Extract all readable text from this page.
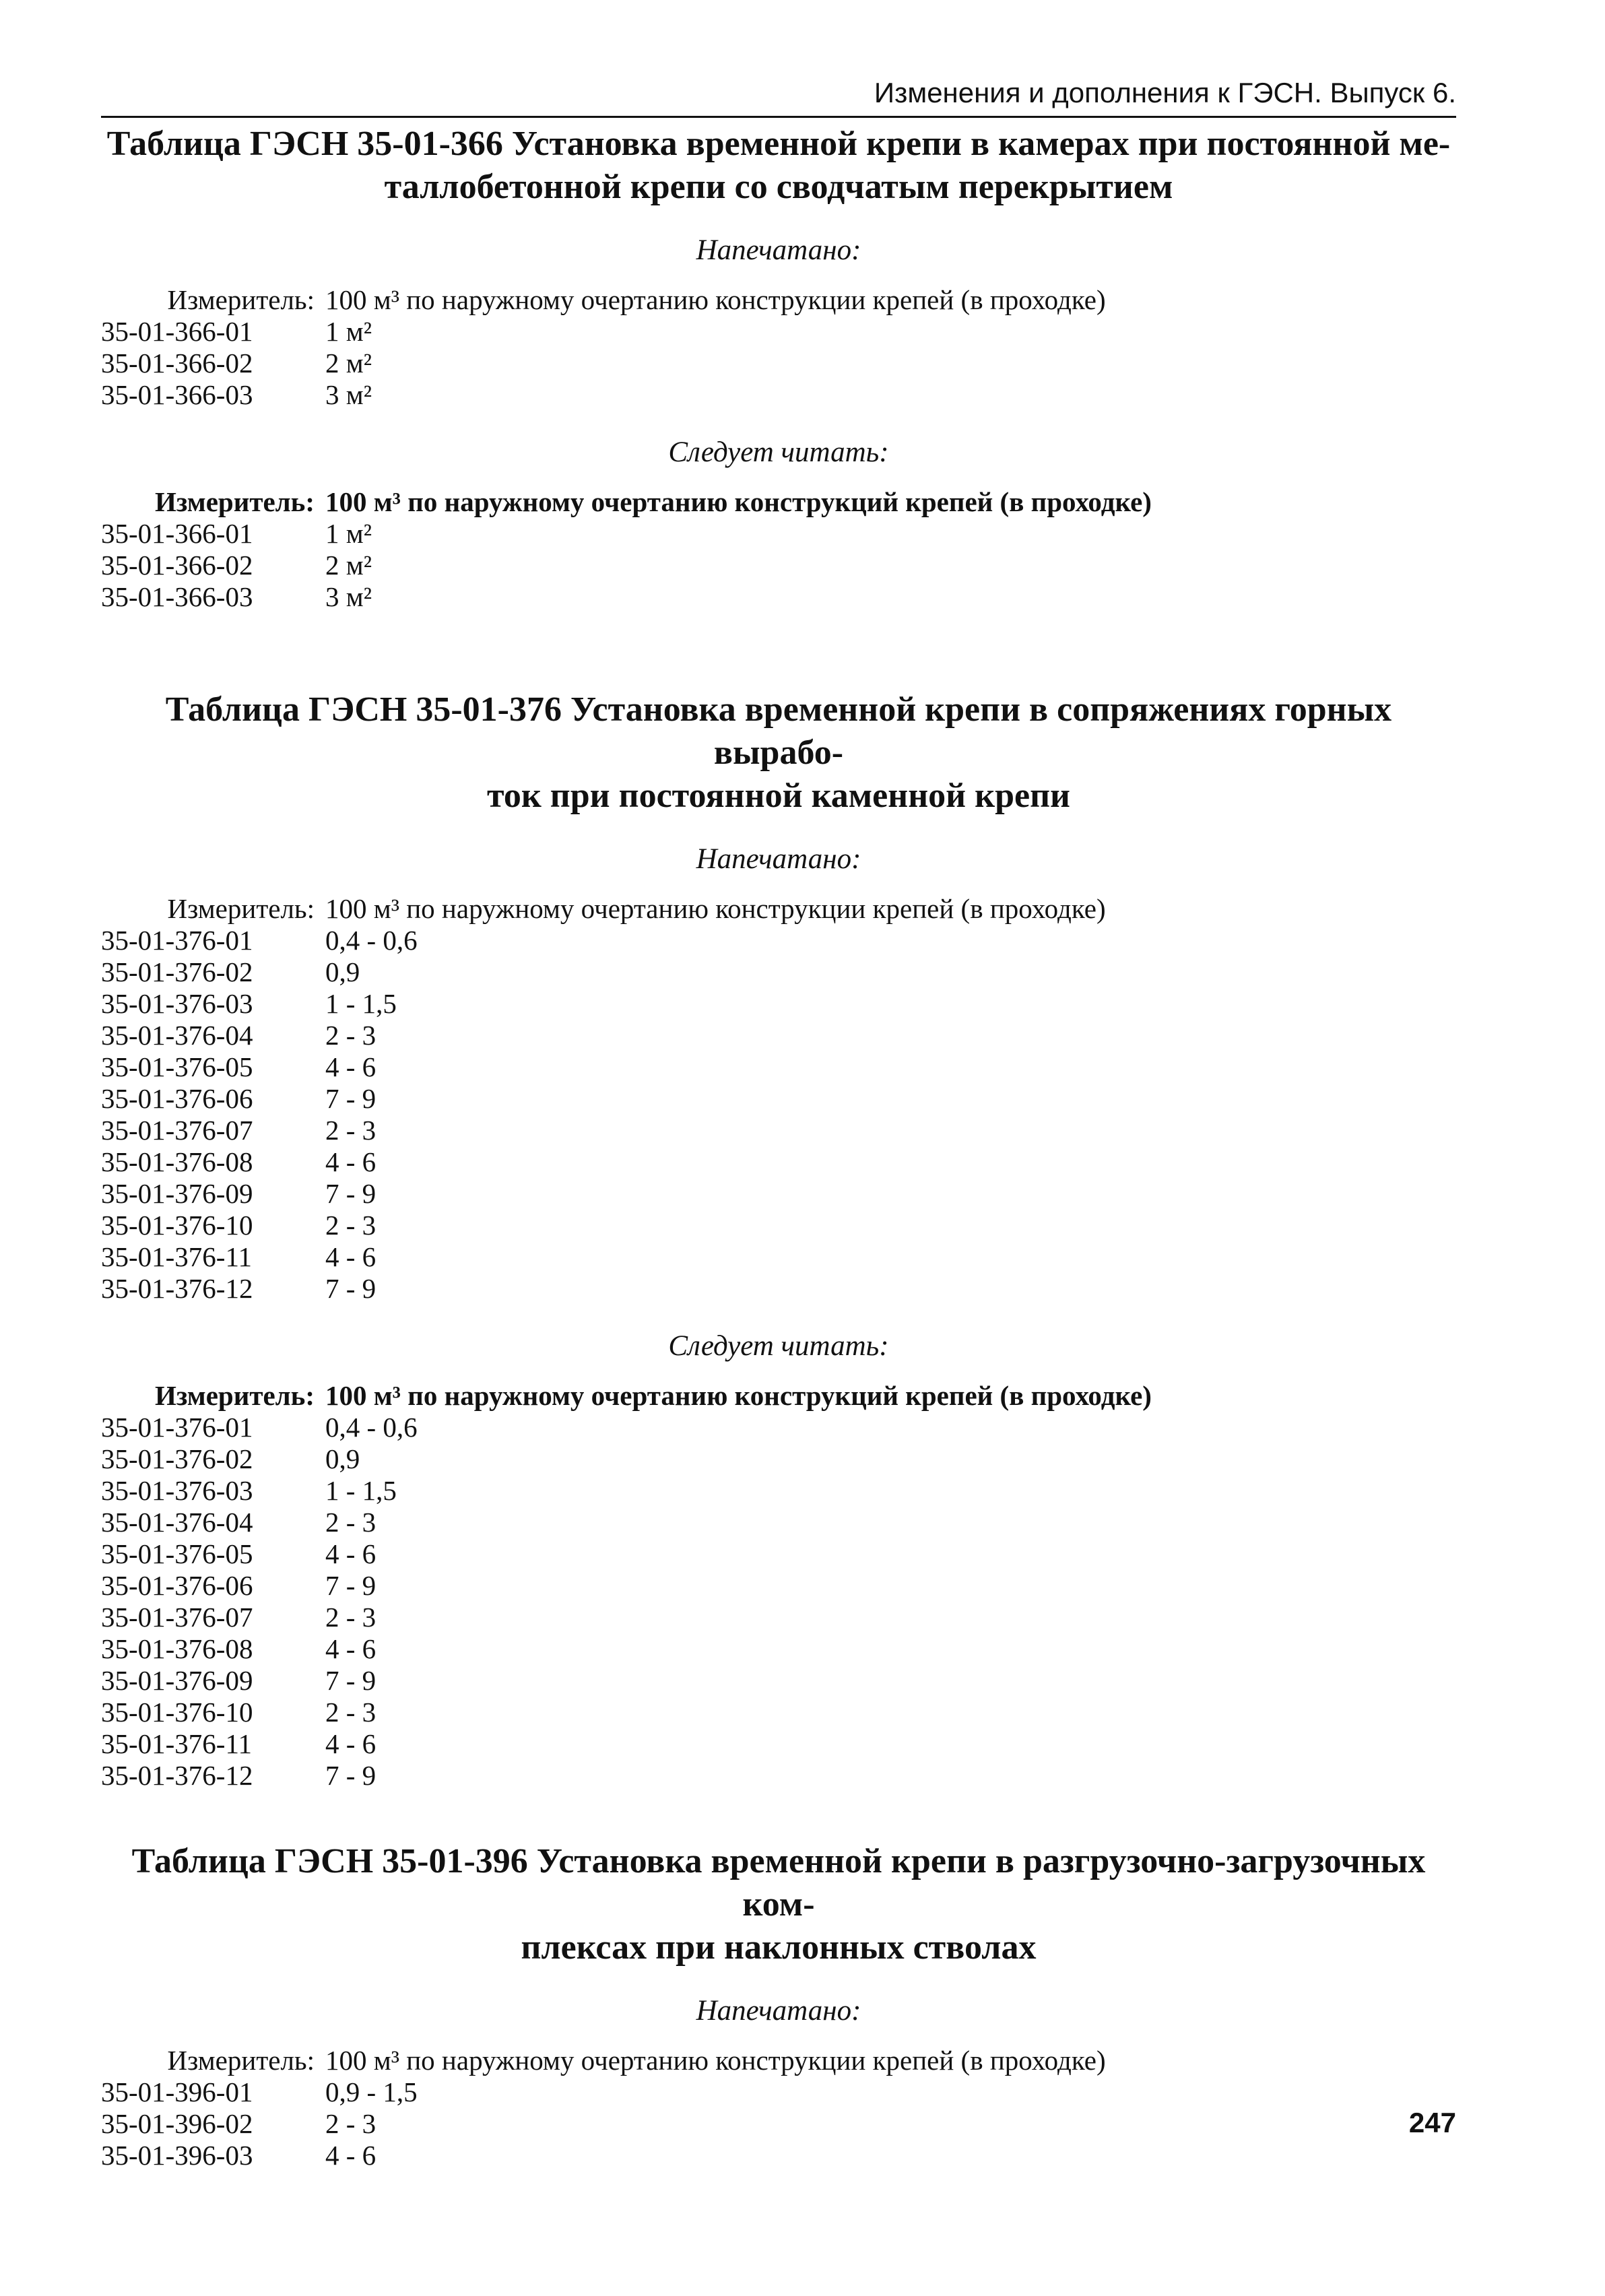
Изменения и дополнения к ГЭСН. Выпуск 6.
Таблица ГЭСН 35-01-366 Установка временной крепи в камерах при постоянной ме-
таллобетонной крепи со сводчатым перекрытием
Напечатано:
Измеритель: 100 м³ по наружному очертанию конструкции крепей (в проходке)
35-01-366-01	1 м²
35-01-366-02	2 м²
35-01-366-03	3 м²
Следует читать:
Измеритель: 100 м³ по наружному очертанию конструкций крепей (в проходке)
35-01-366-01	1 м²
35-01-366-02	2 м²
35-01-366-03	3 м²
Таблица ГЭСН 35-01-376 Установка временной крепи в сопряжениях горных вырабо-
ток при постоянной каменной крепи
Напечатано:
Измеритель: 100 м³ по наружному очертанию конструкции крепей (в проходке)
35-01-376-01	0,4 - 0,6
35-01-376-02	0,9
35-01-376-03	1 - 1,5
35-01-376-04	2 - 3
35-01-376-05	4 - 6
35-01-376-06	7 - 9
35-01-376-07	2 - 3
35-01-376-08	4 - 6
35-01-376-09	7 - 9
35-01-376-10	2 - 3
35-01-376-11	4 - 6
35-01-376-12	7 - 9
Следует читать:
Измеритель: 100 м³ по наружному очертанию конструкций крепей (в проходке)
35-01-376-01	0,4 - 0,6
35-01-376-02	0,9
35-01-376-03	1 - 1,5
35-01-376-04	2 - 3
35-01-376-05	4 - 6
35-01-376-06	7 - 9
35-01-376-07	2 - 3
35-01-376-08	4 - 6
35-01-376-09	7 - 9
35-01-376-10	2 - 3
35-01-376-11	4 - 6
35-01-376-12	7 - 9
Таблица ГЭСН 35-01-396 Установка временной крепи в разгрузочно-загрузочных ком-
плексах при наклонных стволах
Напечатано:
Измеритель: 100 м³ по наружному очертанию конструкции крепей (в проходке)
35-01-396-01	0,9 - 1,5
35-01-396-02	2 - 3
35-01-396-03	4 - 6
247
